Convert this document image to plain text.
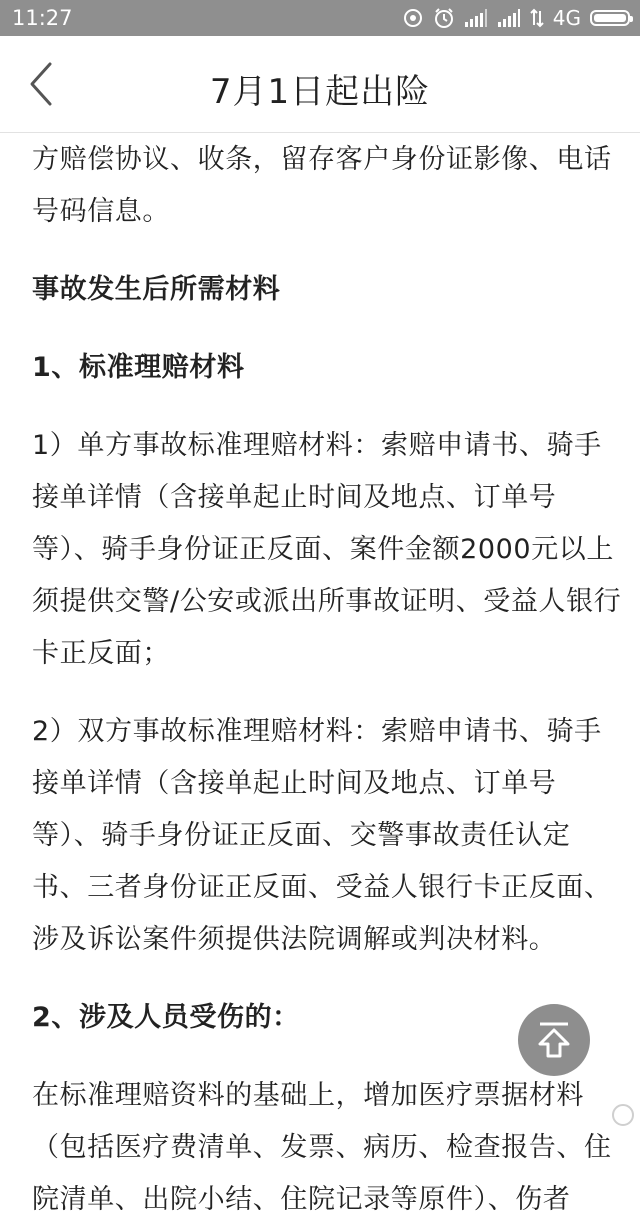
11:27	4G
7月1日起出险

方赔偿协议、收条，留存客户身份证影像、电话号码信息。

事故发生后所需材料

1、标准理赔材料

1）单方事故标准理赔材料：索赔申请书、骑手接单详情（含接单起止时间及地点、订单号等）、骑手身份证正反面、案件金额2000元以上须提供交警/公安或派出所事故证明、受益人银行卡正反面；

2）双方事故标准理赔材料：索赔申请书、骑手接单详情（含接单起止时间及地点、订单号等）、骑手身份证正反面、交警事故责任认定书、三者身份证正反面、受益人银行卡正反面、涉及诉讼案件须提供法院调解或判决材料。

2、涉及人员受伤的：

在标准理赔资料的基础上，增加医疗票据材料（包括医疗费清单、发票、病历、检查报告、住院清单、出院小结、住院记录等原件）、伤者
